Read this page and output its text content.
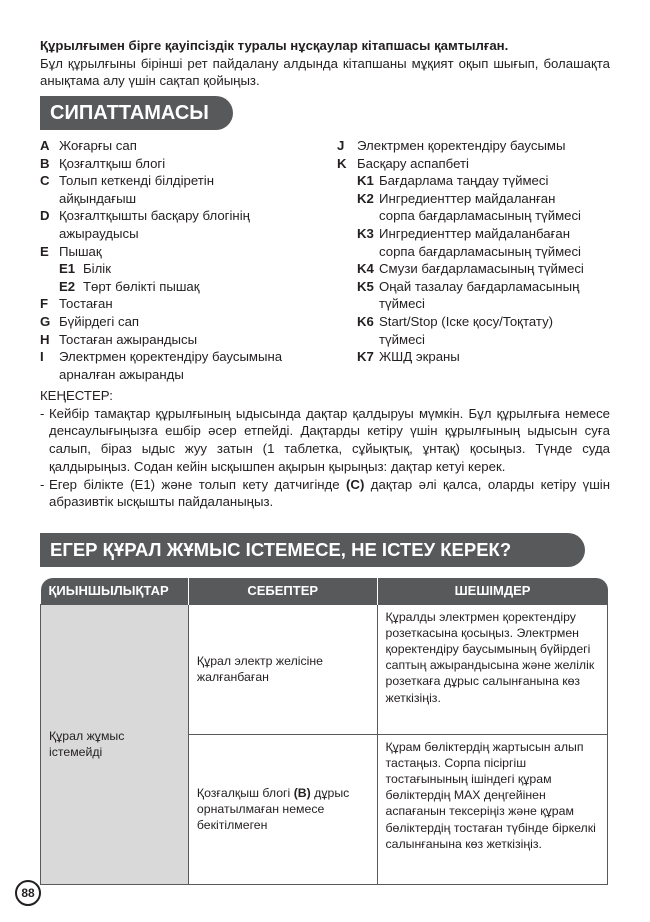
Құрылғымен бірге қауіпсіздік туралы нұсқаулар кітапшасы қамтылған.
Бұл құрылғыны бірінші рет пайдалану алдында кітапшаны мұқият оқып шығып, болашақта анықтама алу үшін сақтап қойыңыз.
СИПАТТАМАСЫ
A Жоғарғы сап
B Қозғалтқыш блогі
C Толып кеткенді білдіретін
айқындағыш
D Қозғалтқышты басқару блогінің
ажыраудысы
E Пышақ
E1 Білік
E2 Төрт бөлікті пышақ
F Тостаған
G Бүйірдегі сап
H Тостаған ажырандысы
I	Электрмен қоректендіру баусымына
арналған ажыранды
J Электрмен қоректендіру баусымы
K Басқару аспапбеті
K1 Бағдарлама таңдау түймесі
K2 Ингредиенттер майдаланған
сорпа бағдарламасының түймесі
K3 Ингредиенттер майдаланбаған
сорпа бағдарламасының түймесі
K4 Смузи бағдарламасының түймесі
K5 Оңай тазалау бағдарламасының
түймесі
K6 Start/Stop (Іске қосу/Тоқтату)
түймесі
K7 ЖШД экраны
КЕҢЕСТЕР:
- Кейбір тамақтар құрылғының ыдысында дақтар қалдыруы мүмкін. Бұл құрылғыға немесе денсаулығыңызға ешбір әсер етпейді. Дақтарды кетіру үшін құрылғының ыдысын суға салып, біраз ыдыс жуу затын (1 таблетка, сұйықтық, ұнтақ) қосыңыз. Түнде суда қалдырыңыз. Содан кейін ысқышпен ақырын қырыңыз: дақтар кетуі керек.
- Егер білікте (E1) және толып кету датчигінде (C) дақтар әлі қалса, оларды кетіру үшін абразивтік ысқышты пайдаланыңыз.
ЕГЕР ҚҰРАЛ ЖҰМЫС ІСТЕМЕСЕ, НЕ ІСТЕУ КЕРЕК?
ҚИЫНШЫЛЫҚТАР	СЕБЕПТЕР	ШЕШІМДЕР
Құрал жұмыс істемейді	Құрал электр желісіне жалғанбаған	Құралды электрмен қоректендіру розеткасына қосыңыз. Электрмен қоректендіру баусымының бүйірдегі саптың ажырандысына және желілік розеткаға дұрыс салынғанына көз жеткізіңіз.
	Қозғалқыш блогі (B) дұрыс орнатылмаған немесе бекітілмеген	Құрам бөліктердің жартысын алып тастаңыз. Сорпа пісіргіш тостағынының ішіндегі құрам бөліктердің MAX деңгейінен аспағанын тексеріңіз және құрам бөліктердің тостаған түбінде біркелкі салынғанына көз жеткізіңіз.
88
